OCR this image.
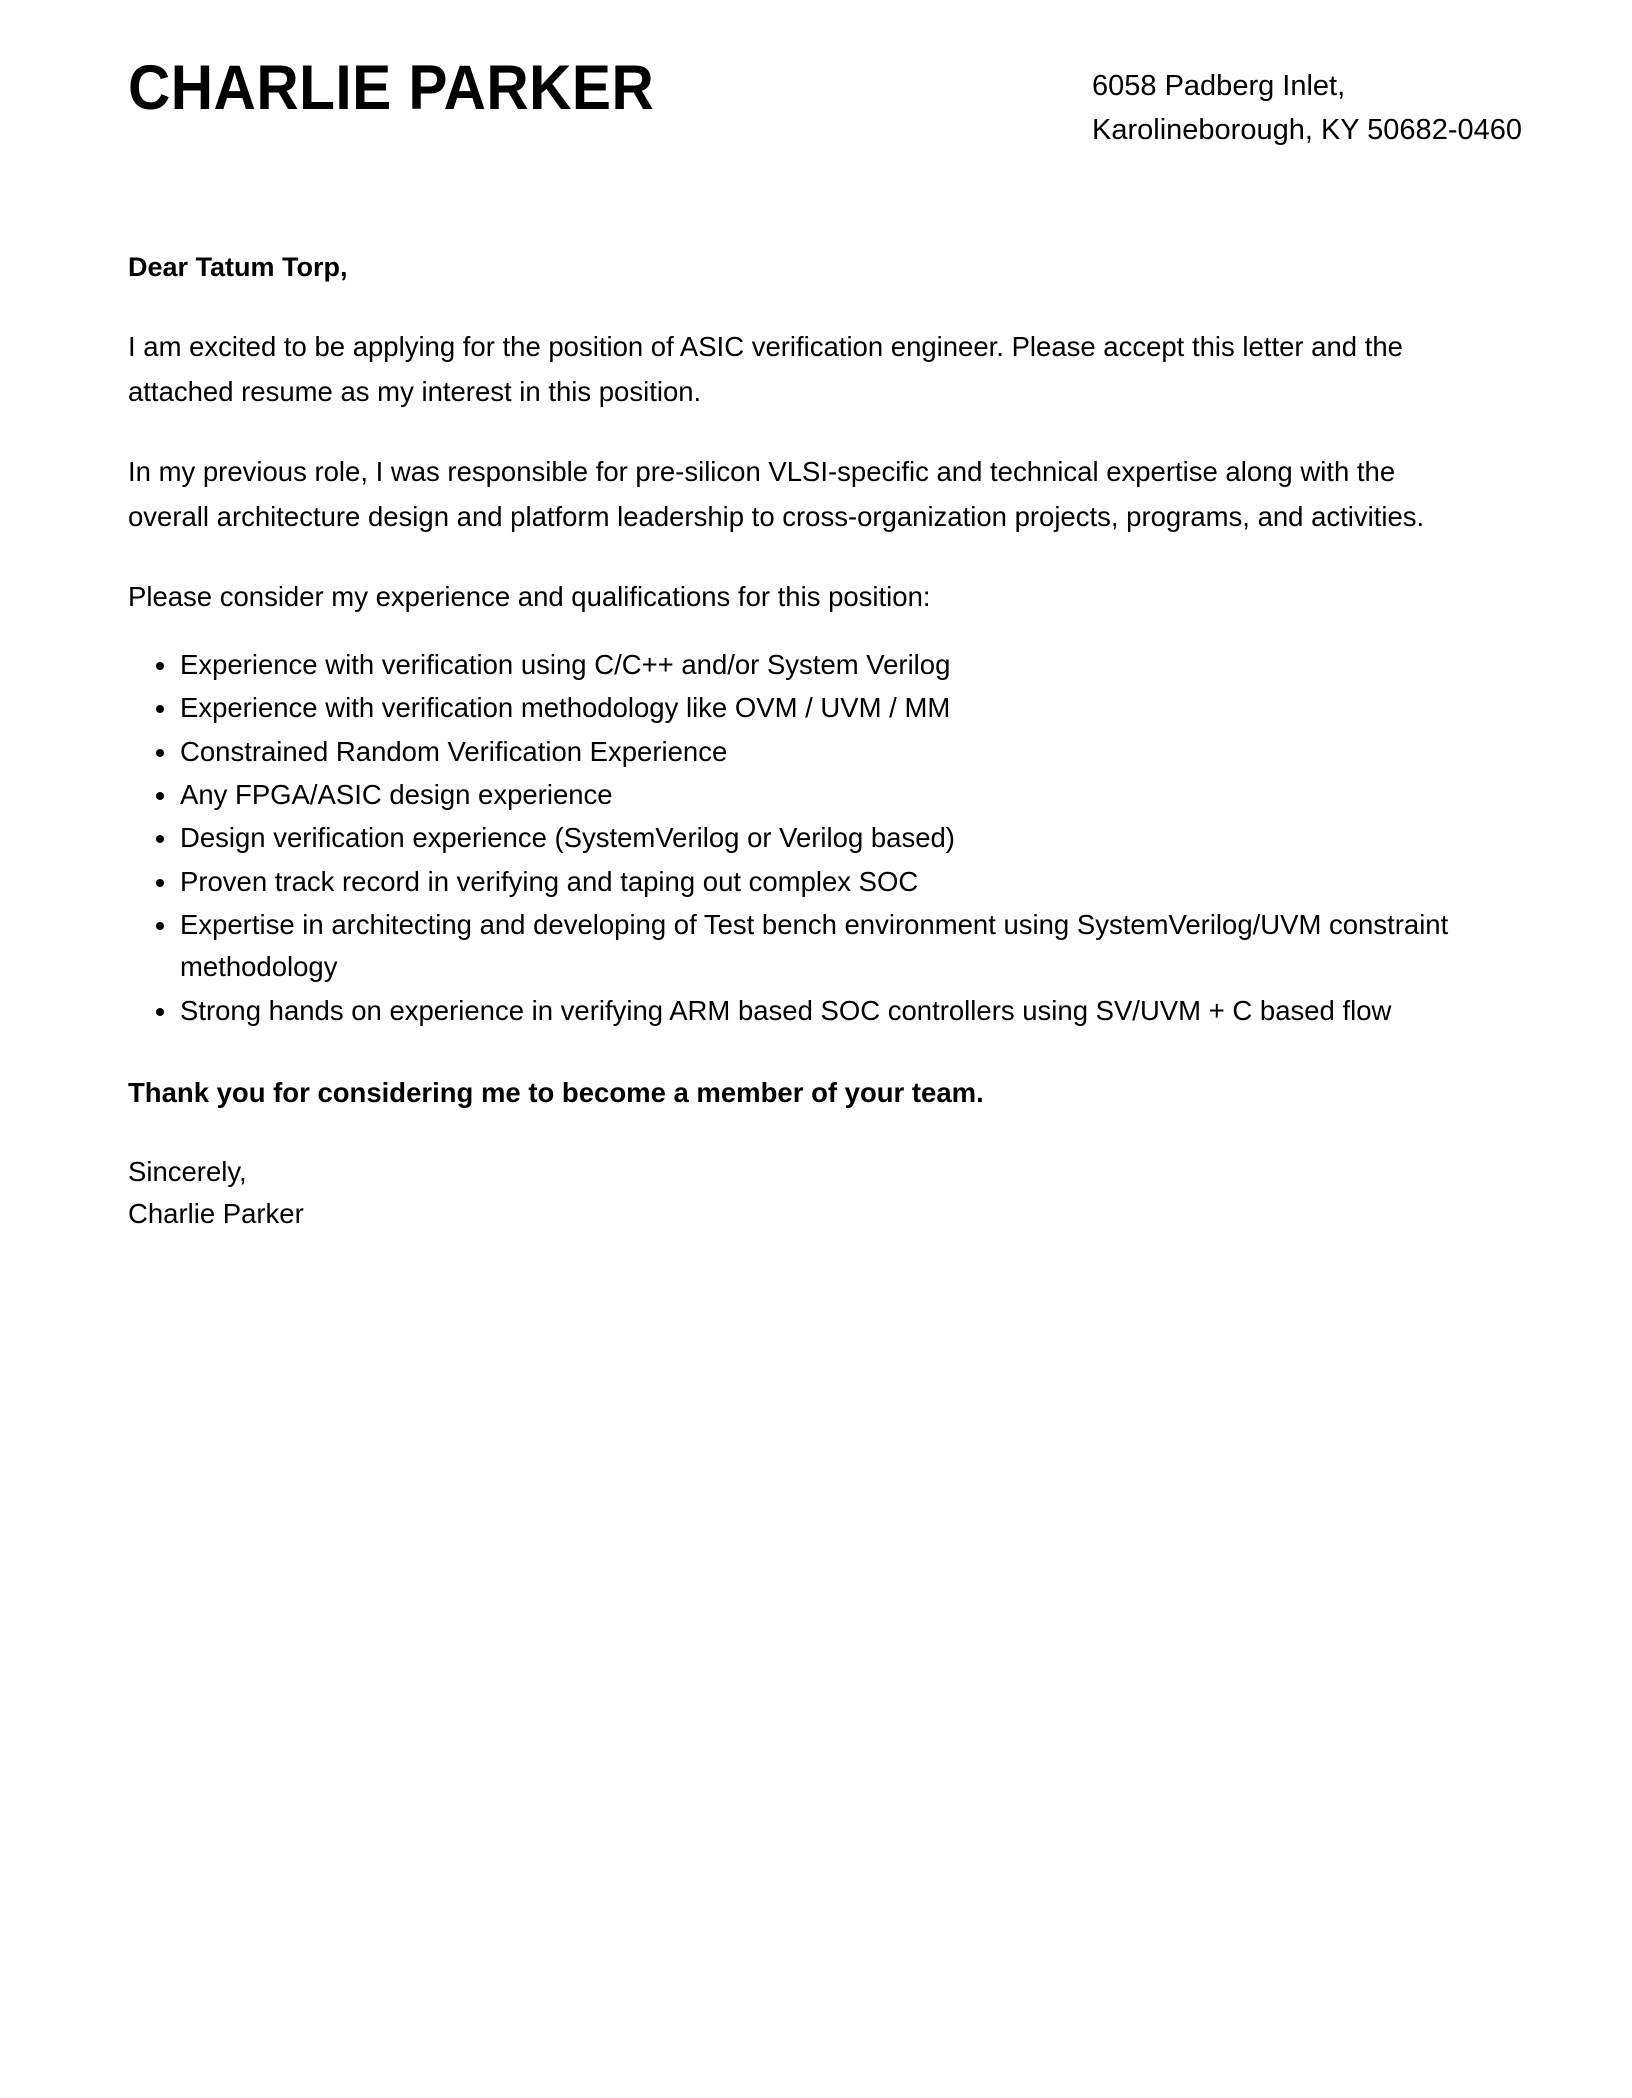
CHARLIE PARKER	6058 Padberg Inlet,
Karolineborough, KY 50682-0460

Dear Tatum Torp,

I am excited to be applying for the position of ASIC verification engineer. Please accept this letter and the attached resume as my interest in this position.

In my previous role, I was responsible for pre-silicon VLSI-specific and technical expertise along with the overall architecture design and platform leadership to cross-organization projects, programs, and activities.

Please consider my experience and qualifications for this position:

Experience with verification using C/C++ and/or System Verilog
Experience with verification methodology like OVM / UVM / MM
Constrained Random Verification Experience
Any FPGA/ASIC design experience
Design verification experience (SystemVerilog or Verilog based)
Proven track record in verifying and taping out complex SOC
Expertise in architecting and developing of Test bench environment using SystemVerilog/UVM constraint methodology
Strong hands on experience in verifying ARM based SOC controllers using SV/UVM + C based flow

Thank you for considering me to become a member of your team.

Sincerely,
Charlie Parker
